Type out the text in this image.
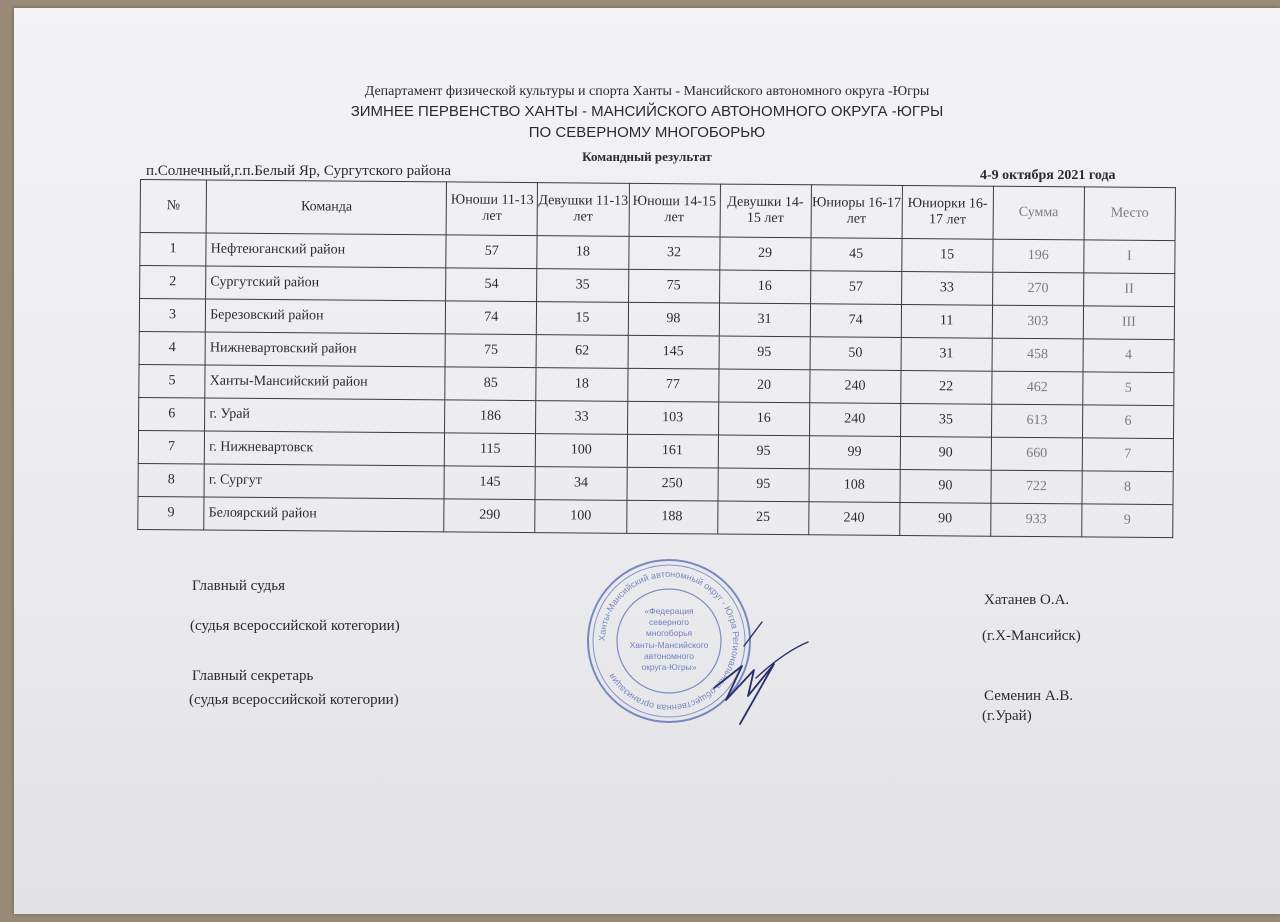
Департамент физической культуры и спорта Ханты - Мансийского автономного округа -Югры
ЗИМНЕЕ ПЕРВЕНСТВО ХАНТЫ - МАНСИЙСКОГО АВТОНОМНОГО ОКРУГА -ЮГРЫ
ПО СЕВЕРНОМУ МНОГОБОРЬЮ
Командный результат
п.Солнечный,г.п.Белый Яр, Сургутского района	4-9 октября 2021 года
№	Команда	Юноши 11-13 лет	Девушки 11-13 лет	Юноши 14-15 лет	Девушки 14-15 лет	Юниоры 16-17 лет	Юниорки 16-17 лет	Сумма	Место
1	Нефтеюганский район	57	18	32	29	45	15	196	I
2	Сургутский район	54	35	75	16	57	33	270	II
3	Березовский район	74	15	98	31	74	11	303	III
4	Нижневартовский район	75	62	145	95	50	31	458	4
5	Ханты-Мансийский район	85	18	77	20	240	22	462	5
6	г. Урай	186	33	103	16	240	35	613	6
7	г. Нижневартовск	115	100	161	95	99	90	660	7
8	г. Сургут	145	34	250	95	108	90	722	8
9	Белоярский район	290	100	188	25	240	90	933	9
Главный судья
(судья всероссийской котегории)
Хатанев О.А.
(г.Х-Мансийск)
Главный секретарь
(судья всероссийской котегории)	Семенин А.В.
(г.Урай)
Ханты-Мансийский автономный округ - Югра Региональная общественная организация
«Федерация
северного
многоборья
Ханты-Мансийского
автономного
округа-Югры»
